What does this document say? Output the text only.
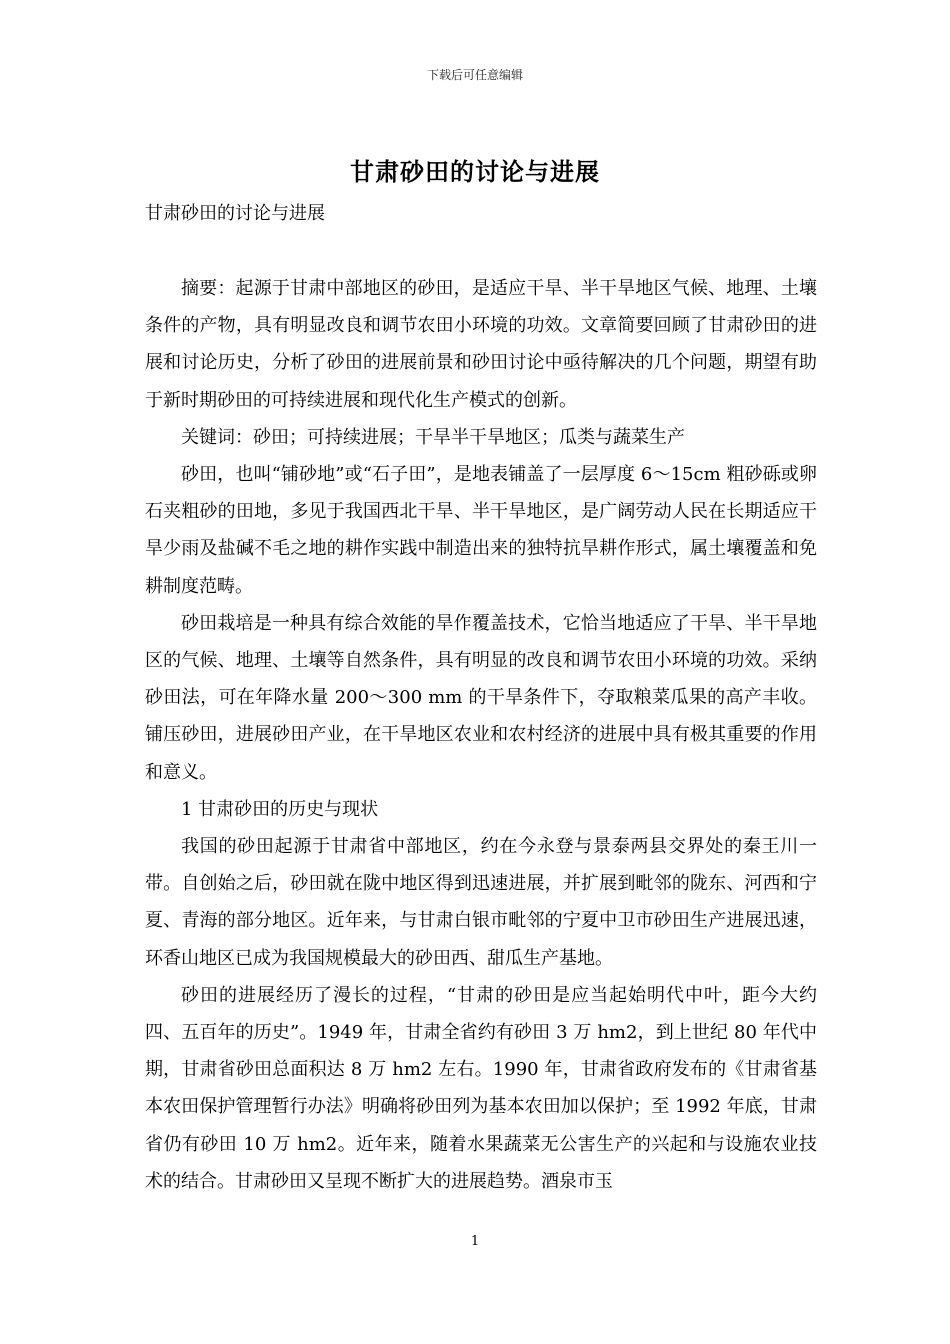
下载后可任意编辑
甘肃砂田的讨论与进展
甘肃砂田的讨论与进展

摘要：起源于甘肃中部地区的砂田，是适应干旱、半干旱地区气候、地理、土壤条件的产物，具有明显改良和调节农田小环境的功效。文章简要回顾了甘肃砂田的进展和讨论历史，分析了砂田的进展前景和砂田讨论中亟待解决的几个问题，期望有助于新时期砂田的可持续进展和现代化生产模式的创新。

关键词：砂田；可持续进展；干旱半干旱地区；瓜类与蔬菜生产

砂田，也叫“铺砂地”或“石子田”，是地表铺盖了一层厚度 6～15cm 粗砂砾或卵石夹粗砂的田地，多见于我国西北干旱、半干旱地区，是广阔劳动人民在长期适应干旱少雨及盐碱不毛之地的耕作实践中制造出来的独特抗旱耕作形式，属土壤覆盖和免耕制度范畴。

砂田栽培是一种具有综合效能的旱作覆盖技术，它恰当地适应了干旱、半干旱地区的气候、地理、土壤等自然条件，具有明显的改良和调节农田小环境的功效。采纳砂田法，可在年降水量 200～300 mm 的干旱条件下，夺取粮菜瓜果的高产丰收。铺压砂田，进展砂田产业，在干旱地区农业和农村经济的进展中具有极其重要的作用和意义。

1 甘肃砂田的历史与现状

我国的砂田起源于甘肃省中部地区，约在今永登与景泰两县交界处的秦王川一带。自创始之后，砂田就在陇中地区得到迅速进展，并扩展到毗邻的陇东、河西和宁夏、青海的部分地区。近年来，与甘肃白银市毗邻的宁夏中卫市砂田生产进展迅速，环香山地区已成为我国规模最大的砂田西、甜瓜生产基地。

砂田的进展经历了漫长的过程，“甘肃的砂田是应当起始明代中叶，距今大约四、五百年的历史”。1949 年，甘肃全省约有砂田 3 万 hm2，到上世纪 80 年代中期，甘肃省砂田总面积达 8 万 hm2 左右。1990 年，甘肃省政府发布的《甘肃省基本农田保护管理暂行办法》明确将砂田列为基本农田加以保护；至 1992 年底，甘肃省仍有砂田 10 万 hm2。近年来，随着水果蔬菜无公害生产的兴起和与设施农业技术的结合。甘肃砂田又呈现不断扩大的进展趋势。酒泉市玉

1
